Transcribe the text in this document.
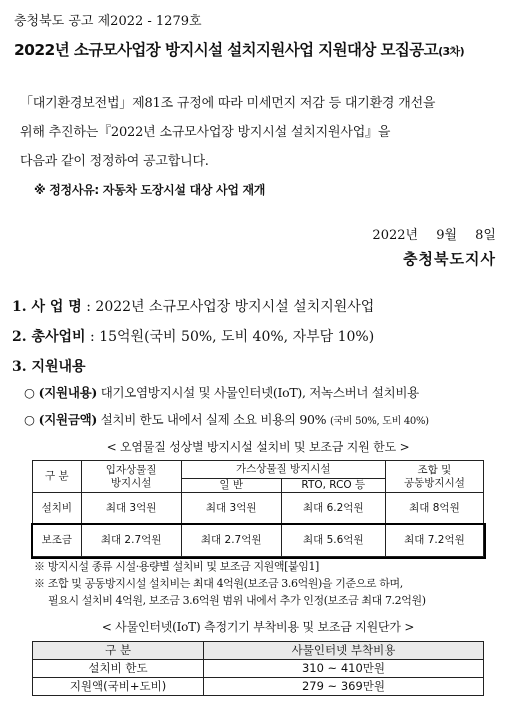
충청북도 공고 제2022 - 1279호
2022년 소규모사업장 방지시설 설치지원사업 지원대상 모집공고(3차)
「대기환경보전법」제81조 규정에 따라 미세먼지 저감 등 대기환경 개선을
위해 추진하는『2022년 소규모사업장 방지시설 설치지원사업』을
다음과 같이 정정하여 공고합니다.
※ 정정사유: 자동차 도장시설 대상 사업 재개
2022년 9월 8일
충청북도지사
1. 사 업 명 : 2022년 소규모사업장 방지시설 설치지원사업
2. 총사업비 : 15억원(국비 50%, 도비 40%, 자부담 10%)
3. 지원내용
○ (지원내용) 대기오염방지시설 및 사물인터넷(IoT), 저녹스버너 설치비용
○ (지원금액) 설치비 한도 내에서 실제 소요 비용의 90% (국비 50%, 도비 40%)
< 오염물질 성상별 방지시설 설치비 및 보조금 지원 한도 >
구 분	입자상물질
방지시설	가스상물질 방지시설		조합 및
공동방지시설
		일 반	RTO, RCO 등	
설치비	최대 3억원	최대 3억원	최대 6.2억원	최대 8억원
보조금	최대 2.7억원	최대 2.7억원	최대 5.6억원	최대 7.2억원
※ 방지시설 종류 시설·용량별 설치비 및 보조금 지원액[붙임1]
※ 조합 및 공동방지시설 설치비는 최대 4억원(보조금 3.6억원)을 기준으로 하며,
필요시 설치비 4억원, 보조금 3.6억원 범위 내에서 추가 인정(보조금 최대 7.2억원)
< 사물인터넷(IoT) 측정기기 부착비용 및 보조금 지원단가 >
구 분	사물인터넷 부착비용
설치비 한도	310 ~ 410만원
지원액(국비+도비)	279 ~ 369만원
